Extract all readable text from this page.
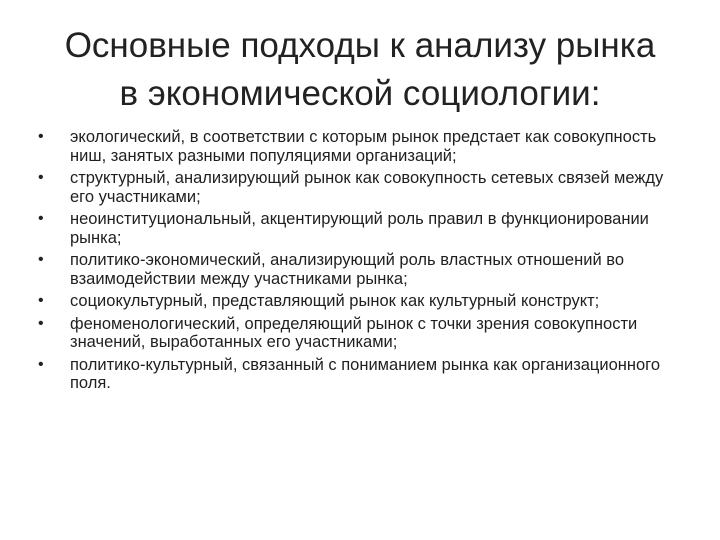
Основные подходы к анализу рынка
в экономической социологии:
•	экологический, в соответствии с которым рынок предстает как совокупность ниш, занятых разными популяциями организаций;
•	структурный, анализирующий рынок как совокупность сетевых связей между его участниками;
•	неоинституциональный, акцентирующий роль правил в функционировании рынка;
•	политико-экономический, анализирующий роль властных отношений во взаимодействии между участниками рынка;
•	социокультурный, представляющий рынок как культурный конструкт;
•	феноменологический, определяющий рынок с точки зрения совокупности значений, выработанных его участниками;
•	политико-культурный, связанный с пониманием рынка как организационного поля.
